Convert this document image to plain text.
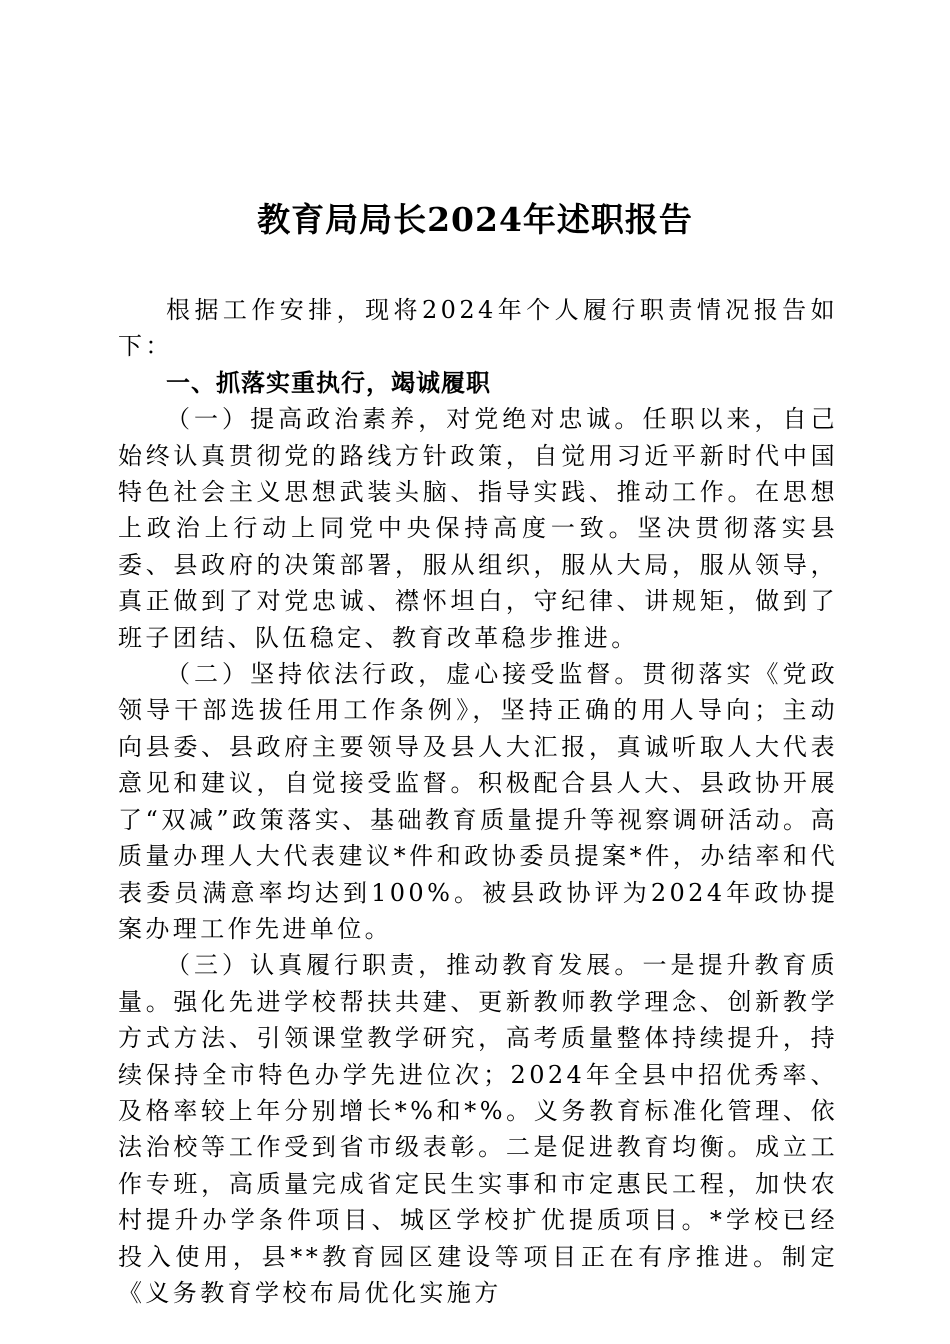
教育局局长2024年述职报告

根据工作安排，现将2024年个人履行职责情况报告如下：

一、抓落实重执行，竭诚履职

（一）提高政治素养，对党绝对忠诚。任职以来，自己始终认真贯彻党的路线方针政策，自觉用习近平新时代中国特色社会主义思想武装头脑、指导实践、推动工作。在思想上政治上行动上同党中央保持高度一致。坚决贯彻落实县委、县政府的决策部署，服从组织，服从大局，服从领导，真正做到了对党忠诚、襟怀坦白，守纪律、讲规矩，做到了班子团结、队伍稳定、教育改革稳步推进。

（二）坚持依法行政，虚心接受监督。贯彻落实《党政领导干部选拔任用工作条例》，坚持正确的用人导向；主动向县委、县政府主要领导及县人大汇报，真诚听取人大代表意见和建议，自觉接受监督。积极配合县人大、县政协开展了“双减”政策落实、基础教育质量提升等视察调研活动。高质量办理人大代表建议*件和政协委员提案*件，办结率和代表委员满意率均达到100%。被县政协评为2024年政协提案办理工作先进单位。

（三）认真履行职责，推动教育发展。一是提升教育质量。强化先进学校帮扶共建、更新教师教学理念、创新教学方式方法、引领课堂教学研究，高考质量整体持续提升，持续保持全市特色办学先进位次；2024年全县中招优秀率、及格率较上年分别增长*%和*%。义务教育标准化管理、依法治校等工作受到省市级表彰。二是促进教育均衡。成立工作专班，高质量完成省定民生实事和市定惠民工程，加快农村提升办学条件项目、城区学校扩优提质项目。*学校已经投入使用，县**教育园区建设等项目正在有序推进。制定《义务教育学校布局优化实施方
